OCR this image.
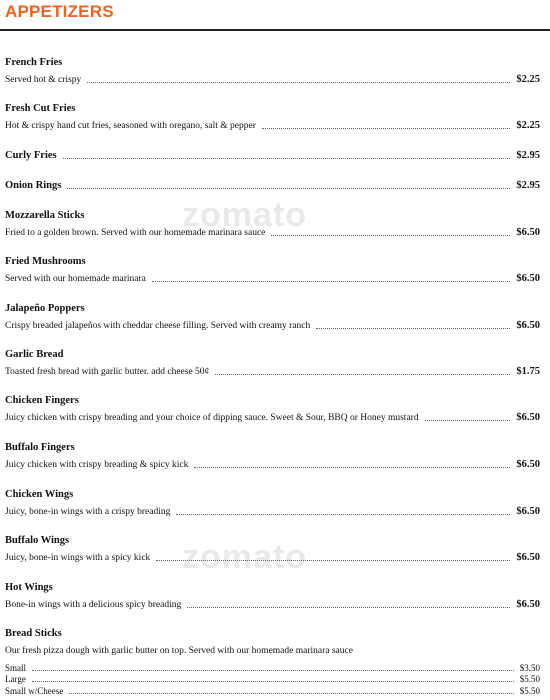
APPETIZERS
zomato
zomato
French Fries
Served hot & crispy	$2.25
Fresh Cut Fries
Hot & crispy hand cut fries, seasoned with oregano, salt & pepper	$2.25
Curly Fries	$2.95
Onion Rings	$2.95
Mozzarella Sticks
Fried to a golden brown. Served with our homemade marinara sauce	$6.50
Fried Mushrooms
Served with our homemade marinara	$6.50
Jalapeño Poppers
Crispy breaded jalapeños with cheddar cheese filling. Served with creamy ranch	$6.50
Garlic Bread
Toasted fresh bread with garlic butter. add cheese 50¢	$1.75
Chicken Fingers
Juicy chicken with crispy breading and your choice of dipping sauce. Sweet & Sour, BBQ or Honey mustard	$6.50
Buffalo Fingers
Juicy chicken with crispy breading & spicy kick	$6.50
Chicken Wings
Juicy, bone-in wings with a crispy breading	$6.50
Buffalo Wings
Juicy, bone-in wings with a spicy kick	$6.50
Hot Wings
Bone-in wings with a delicious spicy breading	$6.50
Bread Sticks
Our fresh pizza dough with garlic butter on top. Served with our homemade marinara sauce
Small	$3.50
Large	$5.50
Small w/Cheese	$5.50
